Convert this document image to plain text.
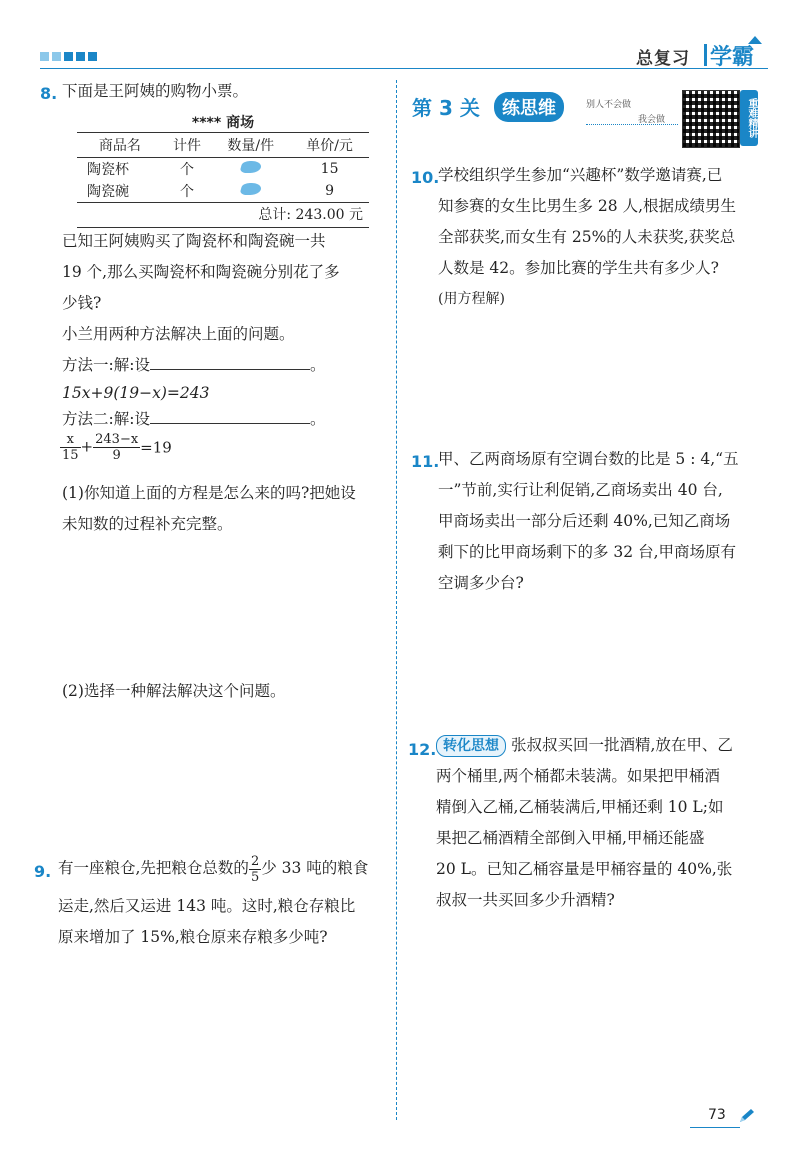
总复习 学霸
8. 下面是王阿姨的购物小票。
**** 商场
商品名	计件	数量/件	单价/元
陶瓷杯	个		15
陶瓷碗	个		9
总计: 243.00 元
已知王阿姨购买了陶瓷杯和陶瓷碗一共
19 个,那么买陶瓷杯和陶瓷碗分别花了多
少钱?
小兰用两种方法解决上面的问题。
方法一:解:设	。
15x+9(19−x)=243
方法二:解:设	。
$\frac{x}{15} + \frac{243-x}{9} =19$
(1)你知道上面的方程是怎么来的吗?把她设
未知数的过程补充完整。
(2)选择一种解法解决这个问题。
9. 有一座粮仓,先把粮仓总数的 $\frac{2}{5}$ 少 33 吨的粮食
运走,然后又运进 143 吨。这时,粮仓存粮比
原来增加了 15%,粮仓原来存粮多少吨?
第 3 关	练思维	别人不会做
我会做	重难精讲
10.
学校组织学生参加“兴趣杯”数学邀请赛,已
知参赛的女生比男生多 28 人,根据成绩男生
全部获奖,而女生有 25%的人未获奖,获奖总
人数是 42。参加比赛的学生共有多少人?
(用方程解)
11.
甲、乙两商场原有空调台数的比是 5 : 4,“五
一”节前,实行让利促销,乙商场卖出 40 台,
甲商场卖出一部分后还剩 40%,已知乙商场
剩下的比甲商场剩下的多 32 台,甲商场原有
空调多少台?
12. 转化思想 张叔叔买回一批酒精,放在甲、乙
两个桶里,两个桶都未装满。如果把甲桶酒
精倒入乙桶,乙桶装满后,甲桶还剩 10 L;如
果把乙桶酒精全部倒入甲桶,甲桶还能盛
20 L。已知乙桶容量是甲桶容量的 40%,张
叔叔一共买回多少升酒精?
73
